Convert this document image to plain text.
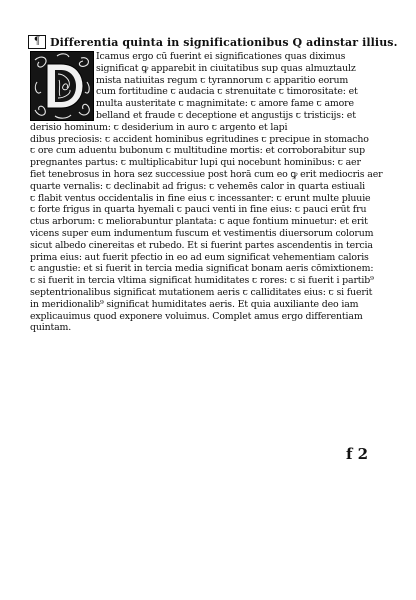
¶ Differentia quinta in significationibus Q adinstar illius.
Icamus ergo cū fuerint ei significationes quas diximus
significat ꝙ apparebit in ciuitatibus sup quas almuztaulz
mista natiuitas regum ꞇ tyrannorum ꞇ apparitio eorum
cum fortitudine ꞇ audacia ꞇ strenuitate ꞇ timorositate: et
multa austeritate ꞇ magnimitate: ꞇ amore fame ꞇ amore
belland et fraude ꞇ deceptione et angustijs ꞇ tristicijs: et
derisio hominum: ꞇ desiderium in auro ꞇ argento et lapi
dibus preciosis: ꞇ accident hominibus egritudines ꞇ precipue in stomacho
ꞇ ore cum aduentu bubonum ꞇ multitudine mortis: et corroborabitur sup
pregnantes partus: ꞇ multiplicabitur lupi qui nocebunt hominibus: ꞇ aer
fiet tenebrosus in hora sez successiue post horā cum eo ꝙ erit mediocris aer
quarte vernalis: ꞇ declinabit ad frigus: ꞇ vehemēs calor in quarta estiuali
ꞇ flabit ventus occidentalis in fine eius ꞇ incessanter: ꞇ erunt multe pluuie
ꞇ forte frigus in quarta hyemali ꞇ pauci venti in fine eius: ꞇ pauci erūt fru
ctus arborum: ꞇ meliorabuntur plantata: ꞇ aque fontium minuetur: et erit
vicens super eum indumentum fuscum et vestimentis diuersorum colorum
sicut albedo cinereitas et rubedo. Et si fuerint partes ascendentis in tercia
prima eius: aut fuerit pfectio in eo ad eum significat vehementiam caloris
ꞇ angustie: et si fuerit in tercia media significat bonam aeris cōmixtionem:
ꞇ si fuerit in tercia vltima significat humiditates ꞇ rores: ꞇ si fuerit i partib⁹
septentrionalibus significat mutationem aeris ꞇ calliditates eius: ꞇ si fuerit
in meridionalib⁹ significat humiditates aeris. Et quia auxiliante deo iam
explicauimus quod exponere voluimus. Complet amus ergo differentiam
quintam.
f 2
